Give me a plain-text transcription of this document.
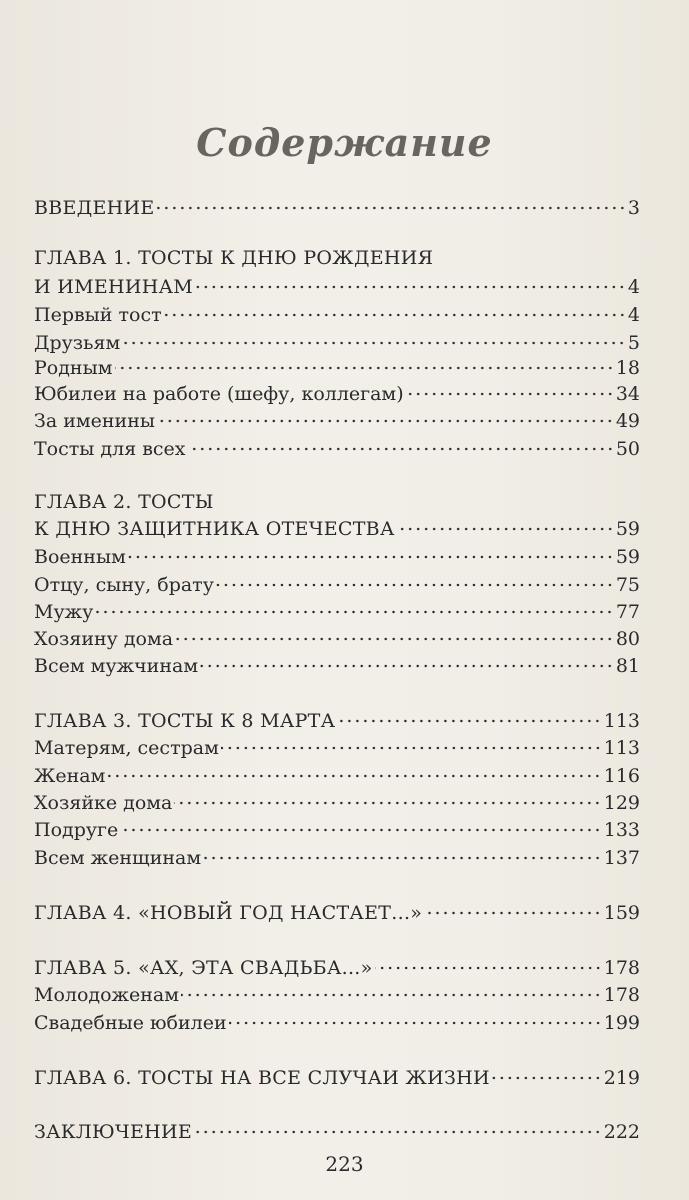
Содержание
ВВЕДЕНИЕ	3
ГЛАВА 1. ТОСТЫ К ДНЮ РОЖДЕНИЯ
И ИМЕНИНАМ	4
Первый тост	4
Друзьям	5
Родным	18
Юбилеи на работе (шефу, коллегам)	34
За именины	49
Тосты для всех	50
ГЛАВА 2. ТОСТЫ
К ДНЮ ЗАЩИТНИКА ОТЕЧЕСТВА	59
Военным	59
Отцу, сыну, брату	75
Мужу	77
Хозяину дома	80
Всем мужчинам	81
ГЛАВА 3. ТОСТЫ К 8 МАРТА	113
Матерям, сестрам	113
Женам	116
Хозяйке дома	129
Подруге	133
Всем женщинам	137
ГЛАВА 4. «НОВЫЙ ГОД НАСТАЕТ...»	159
ГЛАВА 5. «АХ, ЭТА СВАДЬБА...»	178
Молодоженам	178
Свадебные юбилеи	199
ГЛАВА 6. ТОСТЫ НА ВСЕ СЛУЧАИ ЖИЗНИ	219
ЗАКЛЮЧЕНИЕ	222
223
